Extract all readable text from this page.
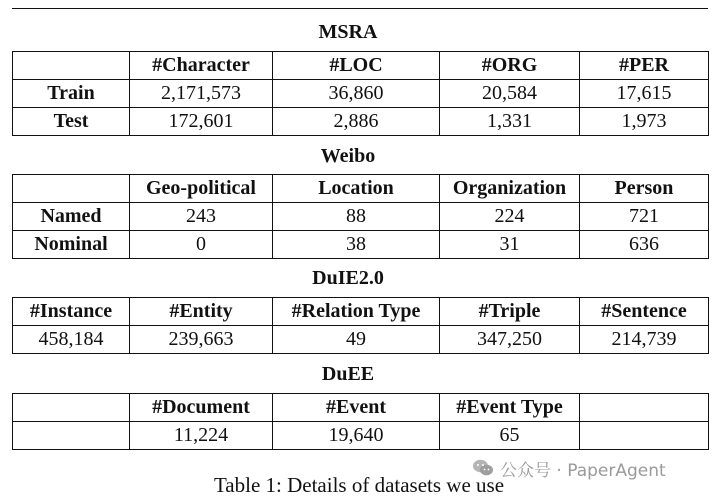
MSRA
	#Character	#LOC	#ORG	#PER
Train	2,171,573	36,860	20,584	17,615
Test	172,601	2,886	1,331	1,973
Weibo
	Geo-political	Location	Organization	Person
Named	243	88	224	721
Nominal	0	38	31	636
DuIE2.0
#Instance	#Entity	#Relation Type	#Triple	#Sentence
458,184	239,663	49	347,250	214,739
DuEE
	#Document	#Event	#Event Type	
	11,224	19,640	65	
公众号 · PaperAgent
Table 1: Details of datasets we use
